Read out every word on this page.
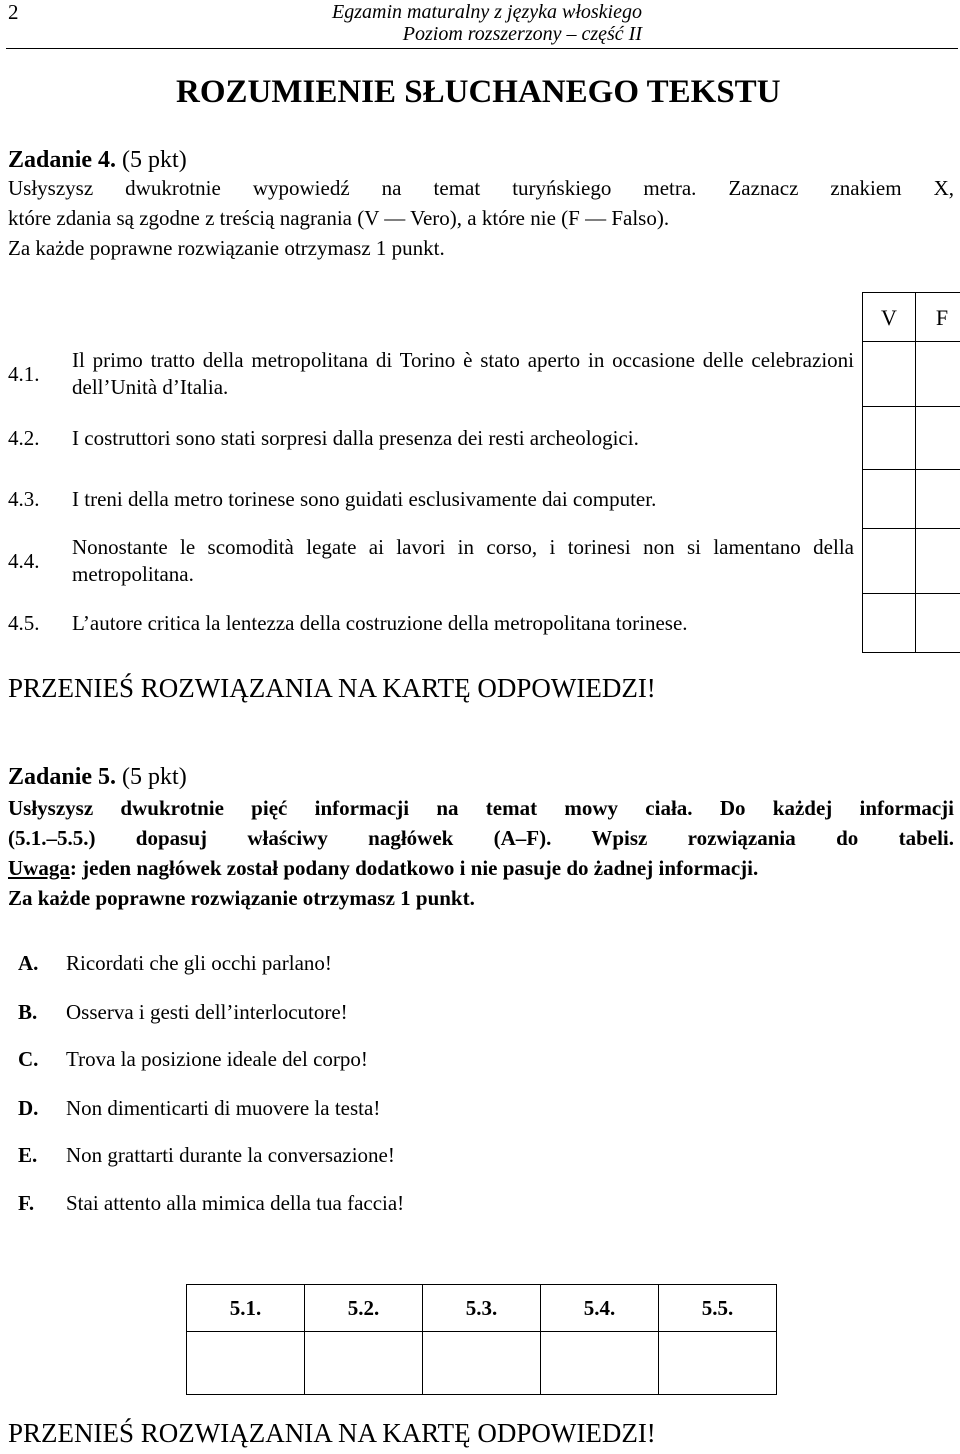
2	Egzamin maturalny z języka włoskiego
Poziom rozszerzony – część II
ROZUMIENIE SŁUCHANEGO TEKSTU
Zadanie 4. (5 pkt)
Usłyszysz dwukrotnie wypowiedź na temat turyńskiego metra. Zaznacz znakiem X,
które zdania są zgodne z treścią nagrania (V — Vero), a które nie (F — Falso).
Za każde poprawne rozwiązanie otrzymasz 1 punkt.
		V	F
4.1.	Il primo tratto della metropolitana di Torino è stato aperto in occasione delle celebrazioni dell’Unità d’Italia.		
4.2.	I costruttori sono stati sorpresi dalla presenza dei resti archeologici.		
4.3.	I treni della metro torinese sono guidati esclusivamente dai computer.		
4.4.	Nonostante le scomodità legate ai lavori in corso, i torinesi non si lamentano della metropolitana.		
4.5.	L’autore critica la lentezza della costruzione della metropolitana torinese.		
PRZENIEŚ ROZWIĄZANIA NA KARTĘ ODPOWIEDZI!
Zadanie 5. (5 pkt)
Usłyszysz dwukrotnie pięć informacji na temat mowy ciała. Do każdej informacji
(5.1.–5.5.) dopasuj właściwy nagłówek (A–F). Wpisz rozwiązania do tabeli.
Uwaga: jeden nagłówek został podany dodatkowo i nie pasuje do żadnej informacji.
Za każde poprawne rozwiązanie otrzymasz 1 punkt.
A. Ricordati che gli occhi parlano!
B. Osserva i gesti dell’interlocutore!
C. Trova la posizione ideale del corpo!
D. Non dimenticarti di muovere la testa!
E. Non grattarti durante la conversazione!
F. Stai attento alla mimica della tua faccia!
5.1.	5.2.	5.3.	5.4.	5.5.

PRZENIEŚ ROZWIĄZANIA NA KARTĘ ODPOWIEDZI!
